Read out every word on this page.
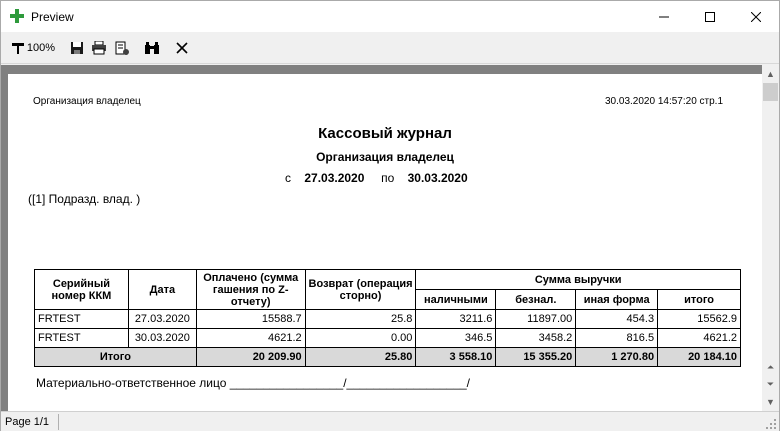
Preview
100%
Организация владелец	30.03.2020 14:57:20 стр.1
Кассовый журнал
Организация владелец
с 27.03.2020 по 30.03.2020
([1] Подразд. влад. )
Серийный номер ККМ	Дата	Оплачено (сумма гашения по Z-отчету)	Возврат (операция сторно)	Сумма выручки			
				наличными	безнал.	иная форма	итого
FRTEST	27.03.2020	15588.7	25.8	3211.6	11897.00	454.3	15562.9
FRTEST	30.03.2020	4621.2	0.00	346.5	3458.2	816.5	4621.2
Итого		20 209.90	25.80	3 558.10	15 355.20	1 270.80	20 184.10
Материально-ответственное лицо _________________/__________________/
▲
⏶
⏷
▼
Page 1/1
